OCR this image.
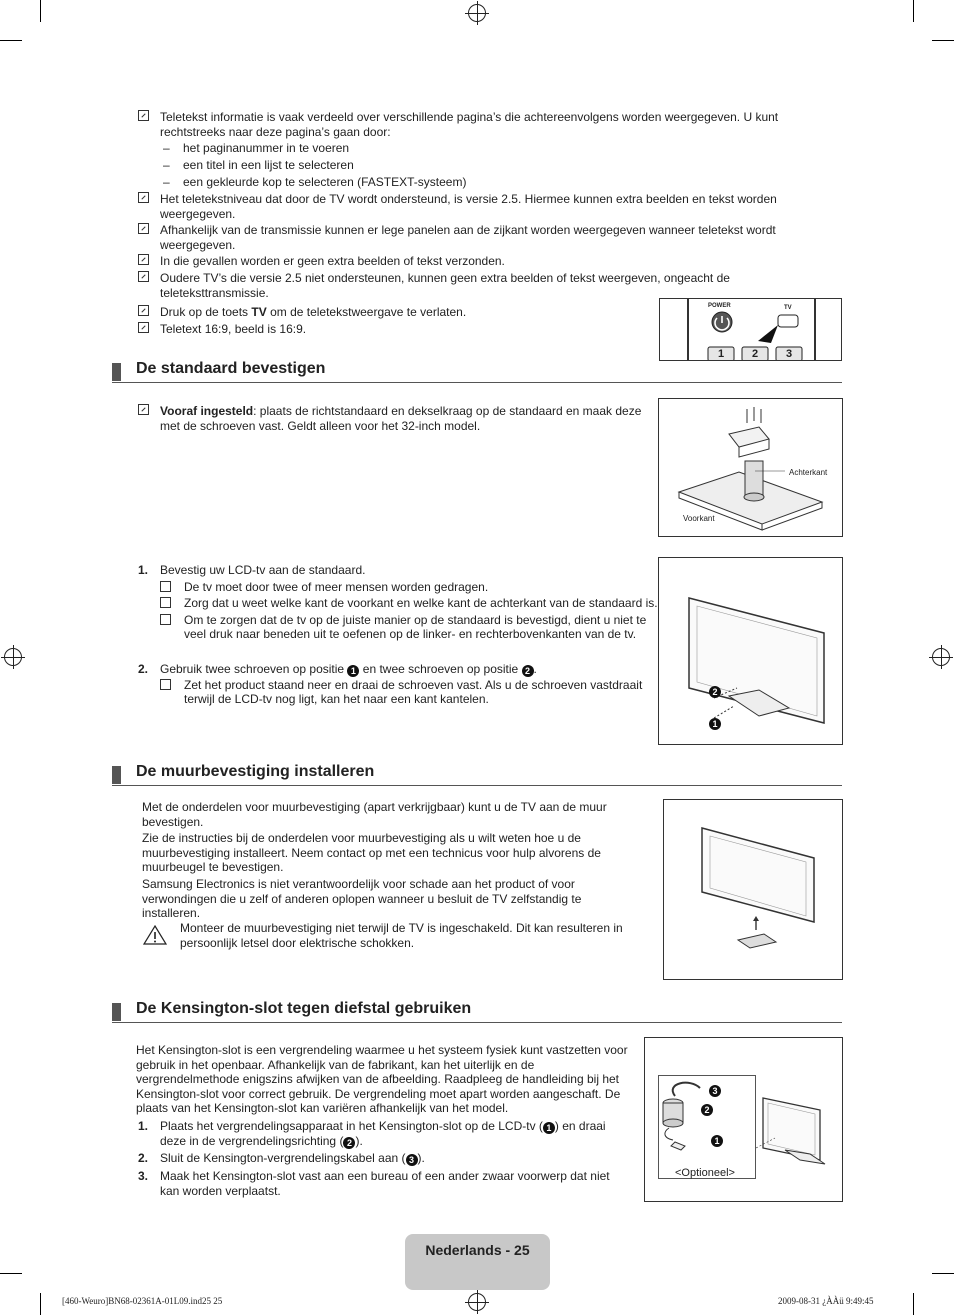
Teletekst informatie is vaak verdeeld over verschillende pagina’s die achtereenvolgens worden weergegeven. U kunt rechtstreeks naar deze pagina’s gaan door:
– het paginanummer in te voeren
– een titel in een lijst te selecteren
– een gekleurde kop te selecteren (FASTEXT-systeem)
Het teletekstniveau dat door de TV wordt ondersteund, is versie 2.5. Hiermee kunnen extra beelden en tekst worden weergegeven.
Afhankelijk van de transmissie kunnen er lege panelen aan de zijkant worden weergegeven wanneer teletekst wordt weergegeven.
In die gevallen worden er geen extra beelden of tekst verzonden.
Oudere TV’s die versie 2.5 niet ondersteunen, kunnen geen extra beelden of tekst weergeven, ongeacht de teleteksttransmissie.
Druk op de toets TV om de teletekstweergave te verlaten.
Teletext 16:9, beeld is 16:9.
POWER	TV
1	2	3
De standaard bevestigen
Vooraf ingesteld: plaats de richtstandaard en dekselkraag op de standaard en maak deze met de schroeven vast. Geldt alleen voor het 32-inch model.
Achterkant
Voorkant
1. Bevestig uw LCD-tv aan de standaard.
De tv moet door twee of meer mensen worden gedragen.
Zorg dat u weet welke kant de voorkant en welke kant de achterkant van de standaard is.
Om te zorgen dat de tv op de juiste manier op de standaard is bevestigd, dient u niet te veel druk naar beneden uit te oefenen op de linker- en rechterbovenkanten van de tv.
2. Gebruik twee schroeven op positie 1 en twee schroeven op positie 2 .
Zet het product staand neer en draai de schroeven vast. Als u de schroeven vastdraait terwijl de LCD-tv nog ligt, kan het naar een kant kantelen.	2
1
De muurbevestiging installeren
Met de onderdelen voor muurbevestiging (apart verkrijgbaar) kunt u de TV aan de muur bevestigen.
Zie de instructies bij de onderdelen voor muurbevestiging als u wilt weten hoe u de muurbevestiging installeert. Neem contact op met een technicus voor hulp alvorens de muurbeugel te bevestigen.
Samsung Electronics is niet verantwoordelijk voor schade aan het product of voor verwondingen die u zelf of anderen oplopen wanneer u besluit de TV zelfstandig te installeren.
Monteer de muurbevestiging niet terwijl de TV is ingeschakeld. Dit kan resulteren in persoonlijk letsel door elektrische schokken.
De Kensington-slot tegen diefstal gebruiken
Het Kensington-slot is een vergrendeling waarmee u het systeem fysiek kunt vastzetten voor gebruik in het openbaar. Afhankelijk van de fabrikant, kan het uiterlijk en de vergrendelmethode enigszins afwijken van de afbeelding. Raadpleeg de handleiding bij het Kensington-slot voor correct gebruik. De vergrendeling moet apart worden aangeschaft. De plaats van het Kensington-slot kan variëren afhankelijk van het model.
1. Plaats het vergrendelingsapparaat in het Kensington-slot op de LCD-tv ( 1 ) en draai deze in de vergrendelingsrichting ( 2 ).
2. Sluit de Kensington-vergrendelingskabel aan ( 3 ).
3. Maak het Kensington-slot vast aan een bureau of een ander zwaar voorwerp dat niet kan worden verplaatst.
3
2
1
<Optioneel>
Nederlands - 25
[460-Weuro]BN68-02361A-01L09.ind25 25	2009-08-31 ¿ÀÀü 9:49:45
